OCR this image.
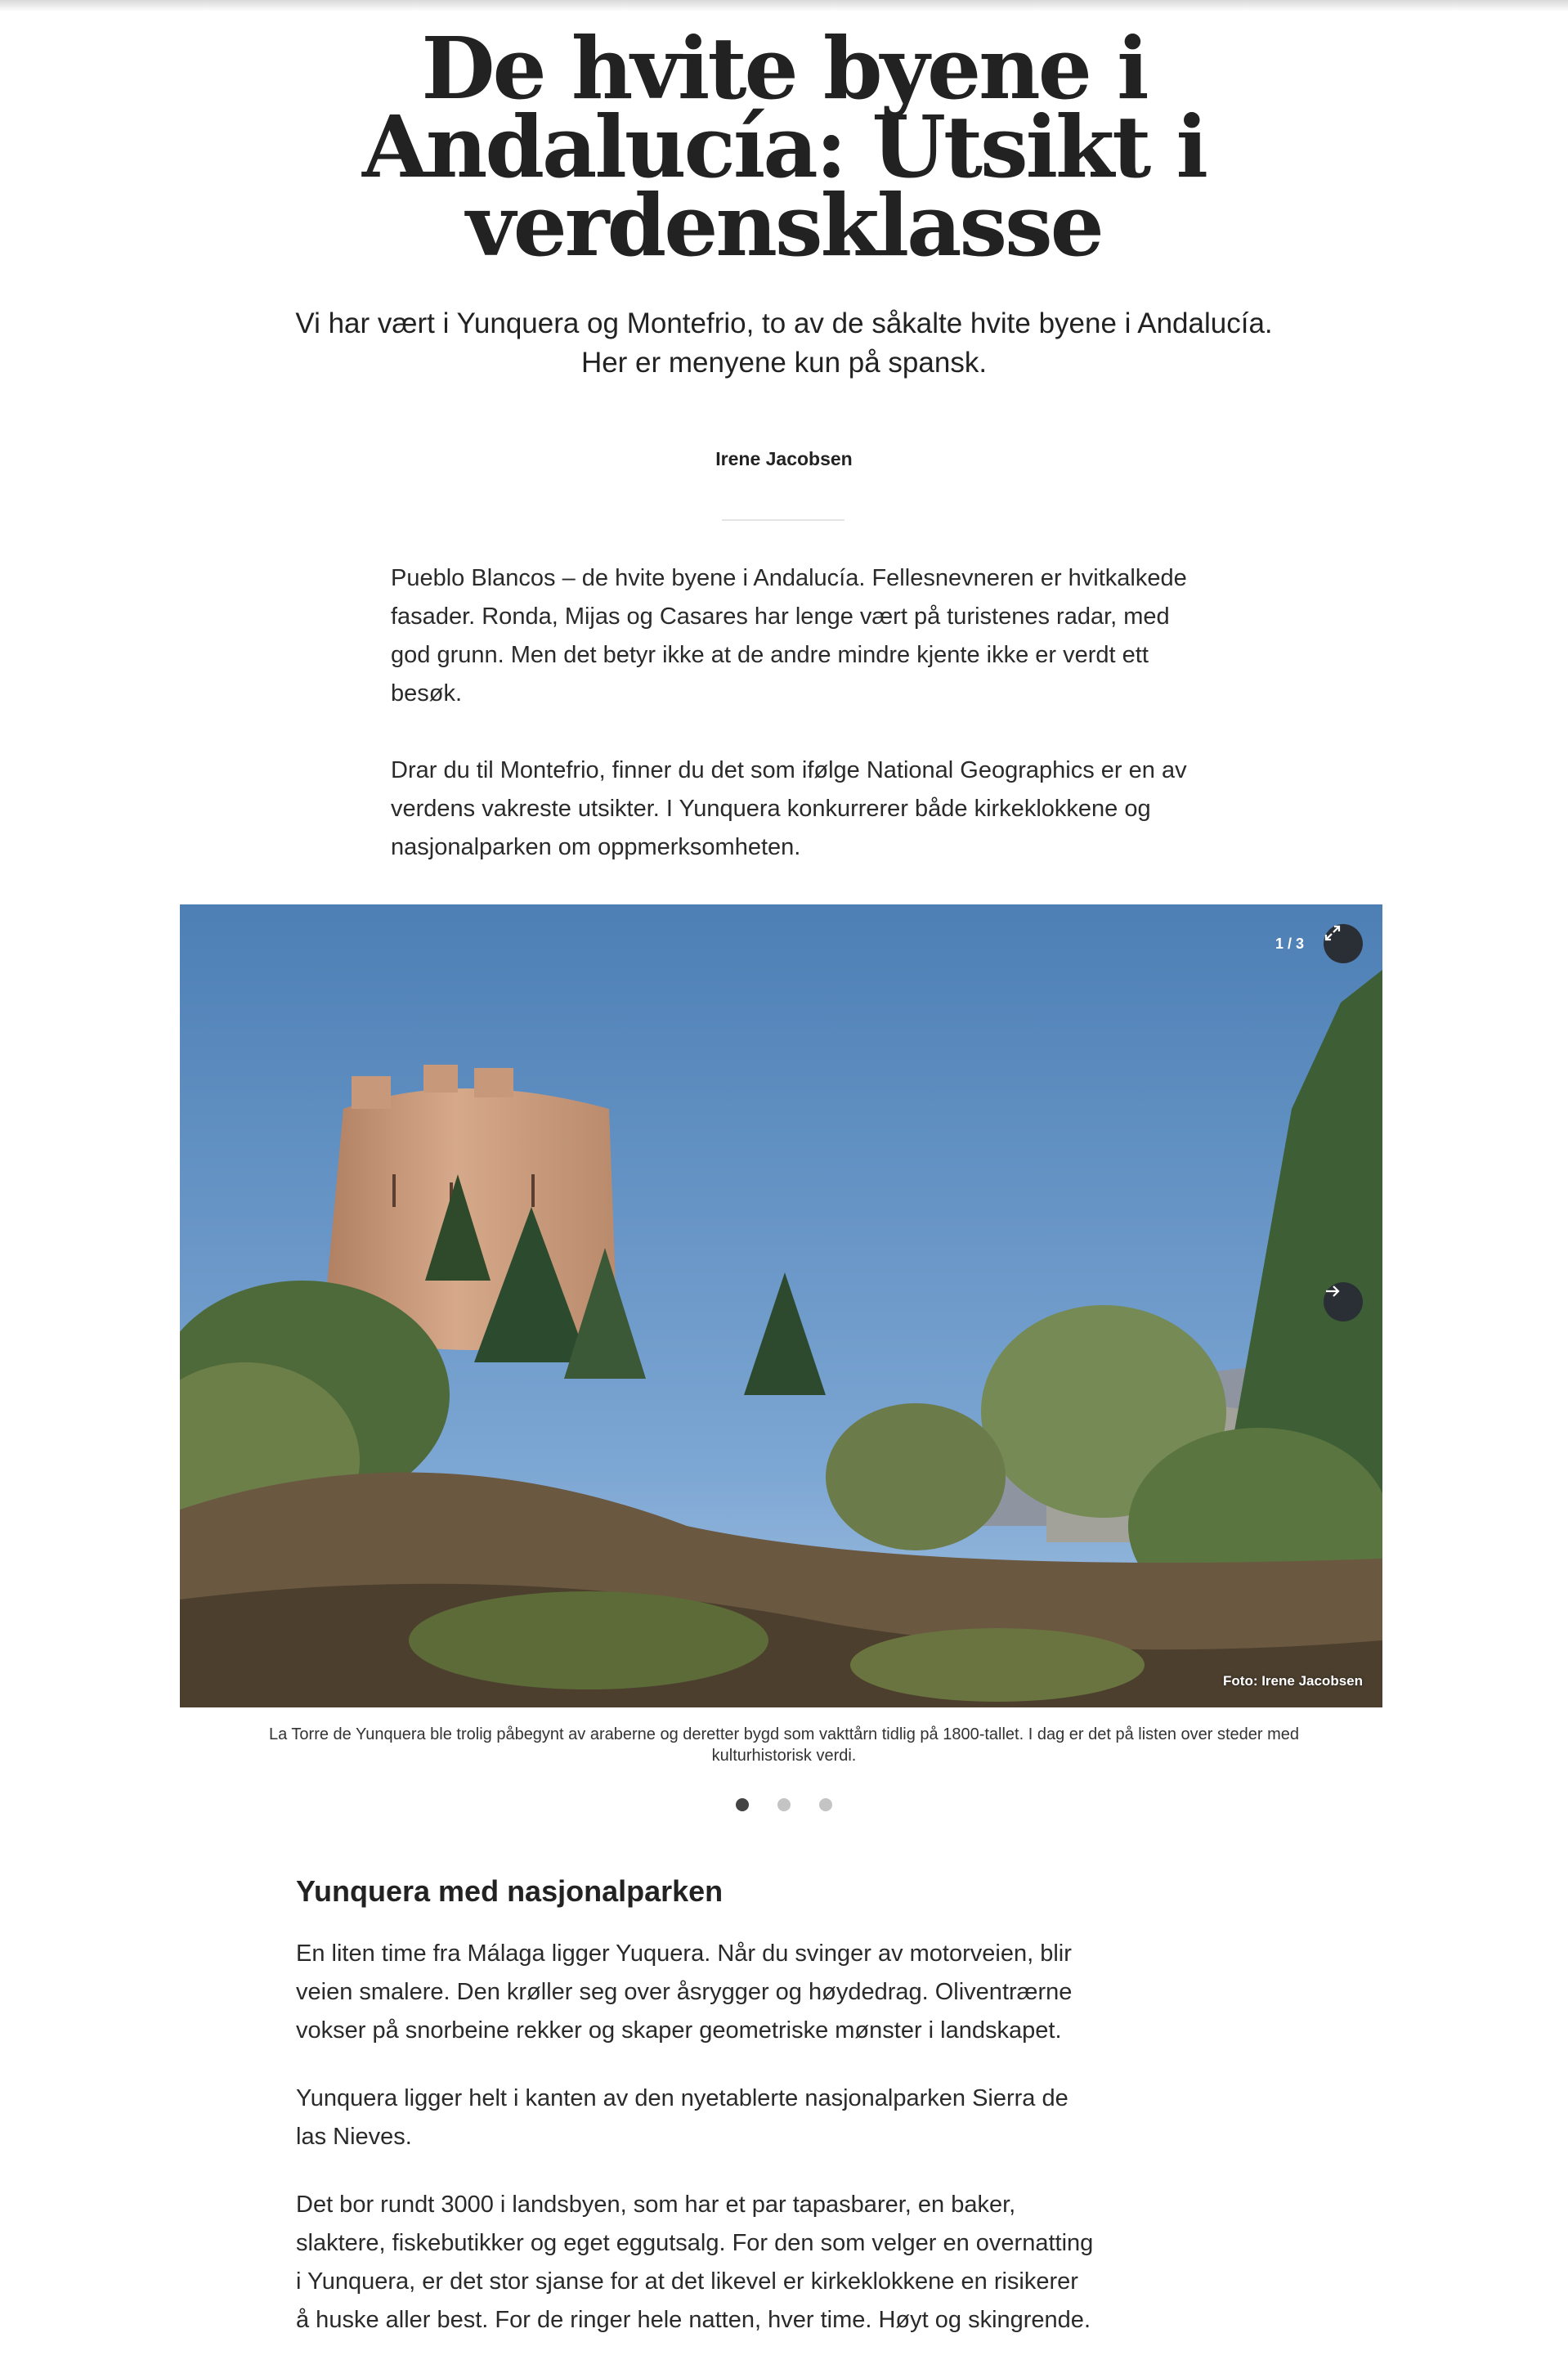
De hvite byene i Andalucía: Utsikt i verdensklasse

Vi har vært i Yunquera og Montefrio, to av de såkalte hvite byene i Andalucía. Her er menyene kun på spansk.

Irene Jacobsen

Pueblo Blancos – de hvite byene i Andalucía. Fellesnevneren er hvitkalkede fasader. Ronda, Mijas og Casares har lenge vært på turistenes radar, med god grunn. Men det betyr ikke at de andre mindre kjente ikke er verdt ett besøk.

Drar du til Montefrio, finner du det som ifølge National Geographics er en av verdens vakreste utsikter. I Yunquera konkurrerer både kirkeklokkene og nasjonalparken om oppmerksomheten.

1 / 3
Foto: Irene Jacobsen
La Torre de Yunquera ble trolig påbegynt av araberne og deretter bygd som vakttårn tidlig på 1800-tallet. I dag er det på listen over steder med kulturhistorisk verdi.
Yunquera med nasjonalparken

En liten time fra Málaga ligger Yuquera. Når du svinger av motorveien, blir veien smalere. Den krøller seg over åsrygger og høydedrag. Oliventrærne vokser på snorbeine rekker og skaper geometriske mønster i landskapet.

Yunquera ligger helt i kanten av den nyetablerte nasjonalparken Sierra de las Nieves.

Det bor rundt 3000 i landsbyen, som har et par tapasbarer, en baker, slaktere, fiskebutikker og eget eggutsalg. For den som velger en overnatting i Yunquera, er det stor sjanse for at det likevel er kirkeklokkene en risikerer å huske aller best. For de ringer hele natten, hver time. Høyt og skingrende.
